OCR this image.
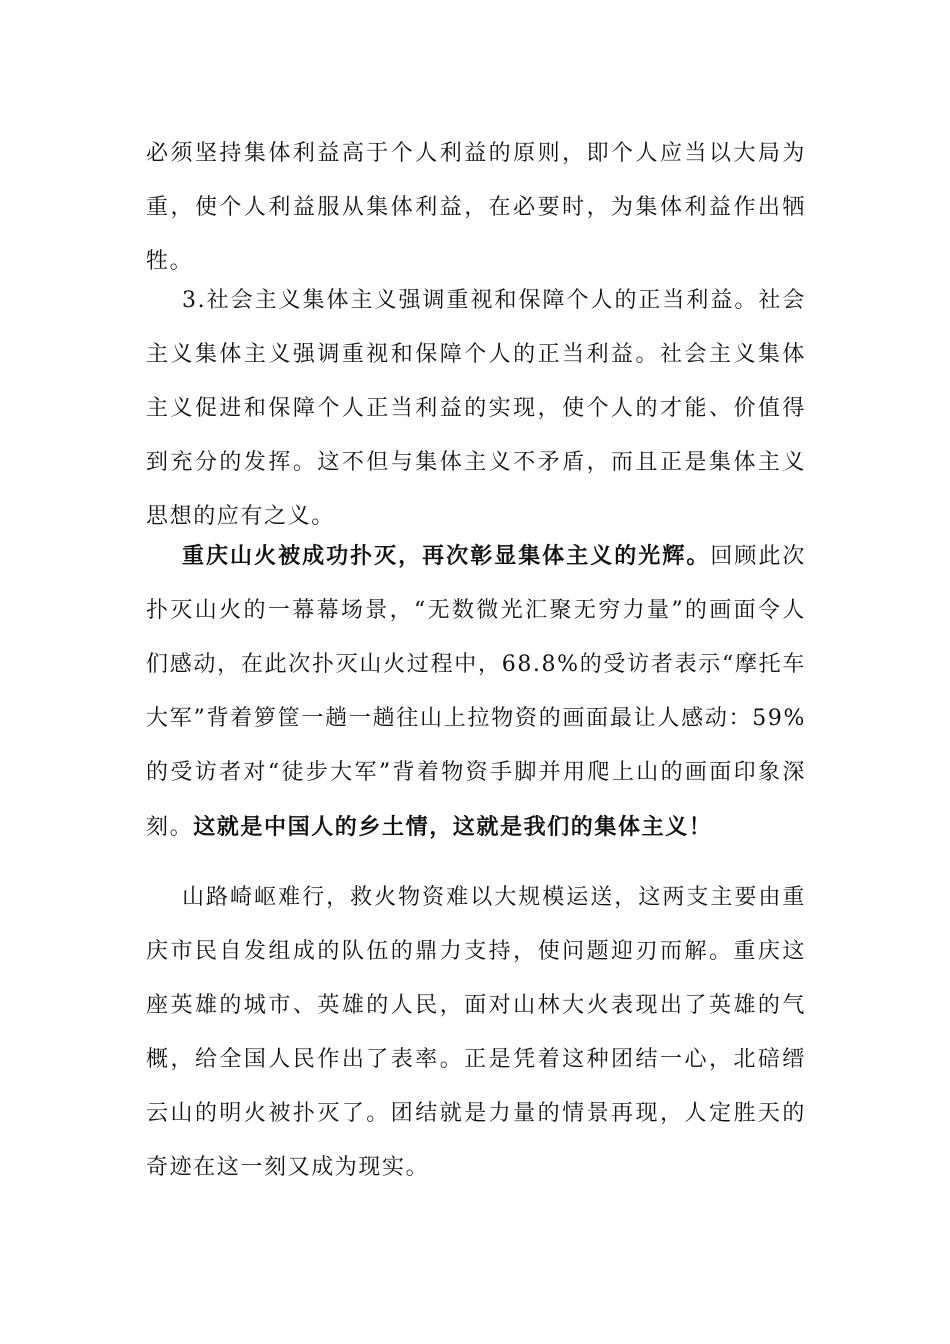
必须坚持集体利益高于个人利益的原则，即个人应当以大局为重，使个人利益服从集体利益，在必要时，为集体利益作出牺牲。

3.社会主义集体主义强调重视和保障个人的正当利益。社会主义集体主义强调重视和保障个人的正当利益。社会主义集体主义促进和保障个人正当利益的实现，使个人的才能、价值得到充分的发挥。这不但与集体主义不矛盾，而且正是集体主义思想的应有之义。

重庆山火被成功扑灭，再次彰显集体主义的光辉。回顾此次扑灭山火的一幕幕场景，“无数微光汇聚无穷力量”的画面令人们感动，在此次扑灭山火过程中，68.8%的受访者表示“摩托车大军”背着箩筐一趟一趟往山上拉物资的画面最让人感动：59%的受访者对“徒步大军”背着物资手脚并用爬上山的画面印象深刻。这就是中国人的乡土情，这就是我们的集体主义！

山路崎岖难行，救火物资难以大规模运送，这两支主要由重庆市民自发组成的队伍的鼎力支持，使问题迎刃而解。重庆这座英雄的城市、英雄的人民，面对山林大火表现出了英雄的气概，给全国人民作出了表率。正是凭着这种团结一心，北碚缙云山的明火被扑灭了。团结就是力量的情景再现，人定胜天的奇迹在这一刻又成为现实。
